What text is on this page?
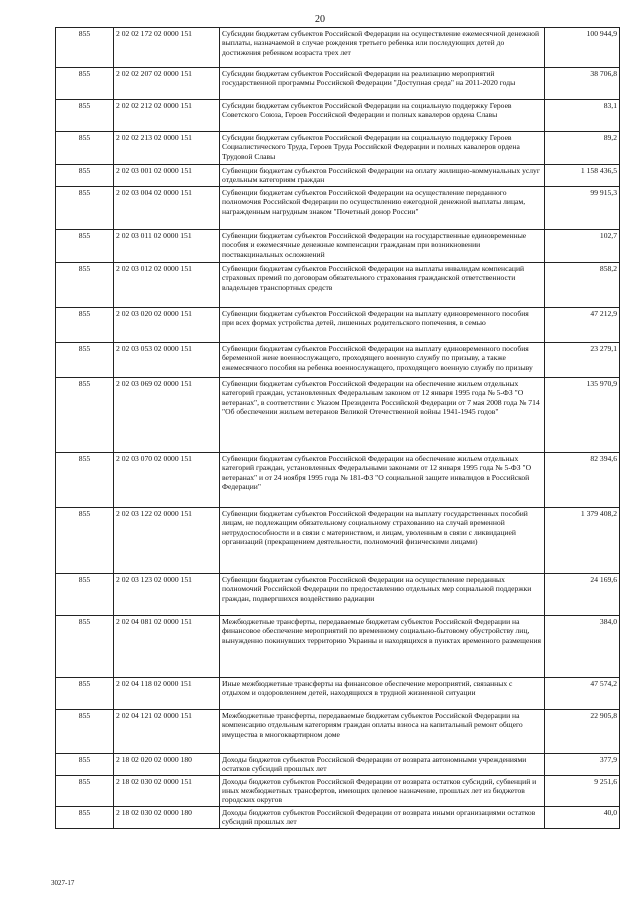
20
855	2 02 02 172 02 0000 151	Субсидии бюджетам субъектов Российской Федерации на осуществление ежемесячной денежной выплаты, назначаемой в случае рождения третьего ребенка или последующих детей до достижения ребенком возраста трех лет	100 944,9
855	2 02 02 207 02 0000 151	Субсидии бюджетам субъектов Российской Федерации на реализацию мероприятий государственной программы Российской Федерации "Доступная среда" на 2011-2020 годы	38 706,8
855	2 02 02 212 02 0000 151	Субсидии бюджетам субъектов Российской Федерации на социальную поддержку Героев Советского Союза, Героев Российской Федерации и полных кавалеров ордена Славы	83,1
855	2 02 02 213 02 0000 151	Субсидии бюджетам субъектов Российской Федерации на социальную поддержку Героев Социалистического Труда, Героев Труда Российской Федерации и полных кавалеров ордена Трудовой Славы	89,2
855	2 02 03 001 02 0000 151	Субвенции бюджетам субъектов Российской Федерации на оплату жилищно-коммунальных услуг отдельным категориям граждан	1 158 436,5
855	2 02 03 004 02 0000 151	Субвенции бюджетам субъектов Российской Федерации на осуществление переданного полномочия Российской Федерации по осуществлению ежегодной денежной выплаты лицам, награжденным нагрудным знаком "Почетный донор России"	99 915,3
855	2 02 03 011 02 0000 151	Субвенции бюджетам субъектов Российской Федерации на государственные единовременные пособия и ежемесячные денежные компенсации гражданам при возникновении поствакцинальных осложнений	102,7
855	2 02 03 012 02 0000 151	Субвенции бюджетам субъектов Российской Федерации на выплаты инвалидам компенсаций страховых премий по договорам обязательного страхования гражданской ответственности владельцев транспортных средств	858,2
855	2 02 03 020 02 0000 151	Субвенции бюджетам субъектов Российской Федерации на выплату единовременного пособия при всех формах устройства детей, лишенных родительского попечения, в семью	47 212,9
855	2 02 03 053 02 0000 151	Субвенции бюджетам субъектов Российской Федерации на выплату единовременного пособия беременной жене военнослужащего, проходящего военную службу по призыву, а также ежемесячного пособия на ребенка военнослужащего, проходящего военную службу по призыву	23 279,1
855	2 02 03 069 02 0000 151	Субвенции бюджетам субъектов Российской Федерации на обеспечение жильем отдельных категорий граждан, установленных Федеральным законом от 12 января 1995 года № 5-ФЗ "О ветеранах", в соответствии с Указом Президента Российской Федерации от 7 мая 2008 года № 714 "Об обеспечении жильем ветеранов Великой Отечественной войны 1941-1945 годов"	135 970,9
855	2 02 03 070 02 0000 151	Субвенции бюджетам субъектов Российской Федерации на обеспечение жильем отдельных категорий граждан, установленных Федеральными законами от 12 января 1995 года № 5-ФЗ "О ветеранах" и от 24 ноября 1995 года № 181-ФЗ "О социальной защите инвалидов в Российской Федерации"	82 394,6
855	2 02 03 122 02 0000 151	Субвенции бюджетам субъектов Российской Федерации на выплату государственных пособий лицам, не подлежащим обязательному социальному страхованию на случай временной нетрудоспособности и в связи с материнством, и лицам, уволенным в связи с ликвидацией организаций (прекращением деятельности, полномочий физическими лицами)	1 379 408,2
855	2 02 03 123 02 0000 151	Субвенции бюджетам субъектов Российской Федерации на осуществление переданных полномочий Российской Федерации по предоставлению отдельных мер социальной поддержки граждан, подвергшихся воздействию радиации	24 169,6
855	2 02 04 081 02 0000 151	Межбюджетные трансферты, передаваемые бюджетам субъектов Российской Федерации на финансовое обеспечение мероприятий по временному социально-бытовому обустройству лиц, вынужденно покинувших территорию Украины и находящихся в пунктах временного размещения	384,0
855	2 02 04 118 02 0000 151	Иные межбюджетные трансферты на финансовое обеспечение мероприятий, связанных с отдыхом и оздоровлением детей, находящихся в трудной жизненной ситуации	47 574,2
855	2 02 04 121 02 0000 151	Межбюджетные трансферты, передаваемые бюджетам субъектов Российской Федерации на компенсацию отдельным категориям граждан оплаты взноса на капитальный ремонт общего имущества в многоквартирном доме	22 905,8
855	2 18 02 020 02 0000 180	Доходы бюджетов субъектов Российской Федерации от возврата автономными учреждениями остатков субсидий прошлых лет	377,9
855	2 18 02 030 02 0000 151	Доходы бюджетов субъектов Российской Федерации от возврата остатков субсидий, субвенций и иных межбюджетных трансфертов, имеющих целевое назначение, прошлых лет из бюджетов городских округов	9 251,6
855	2 18 02 030 02 0000 180	Доходы бюджетов субъектов Российской Федерации от возврата иными организациями остатков субсидий прошлых лет	40,0
3027-17
